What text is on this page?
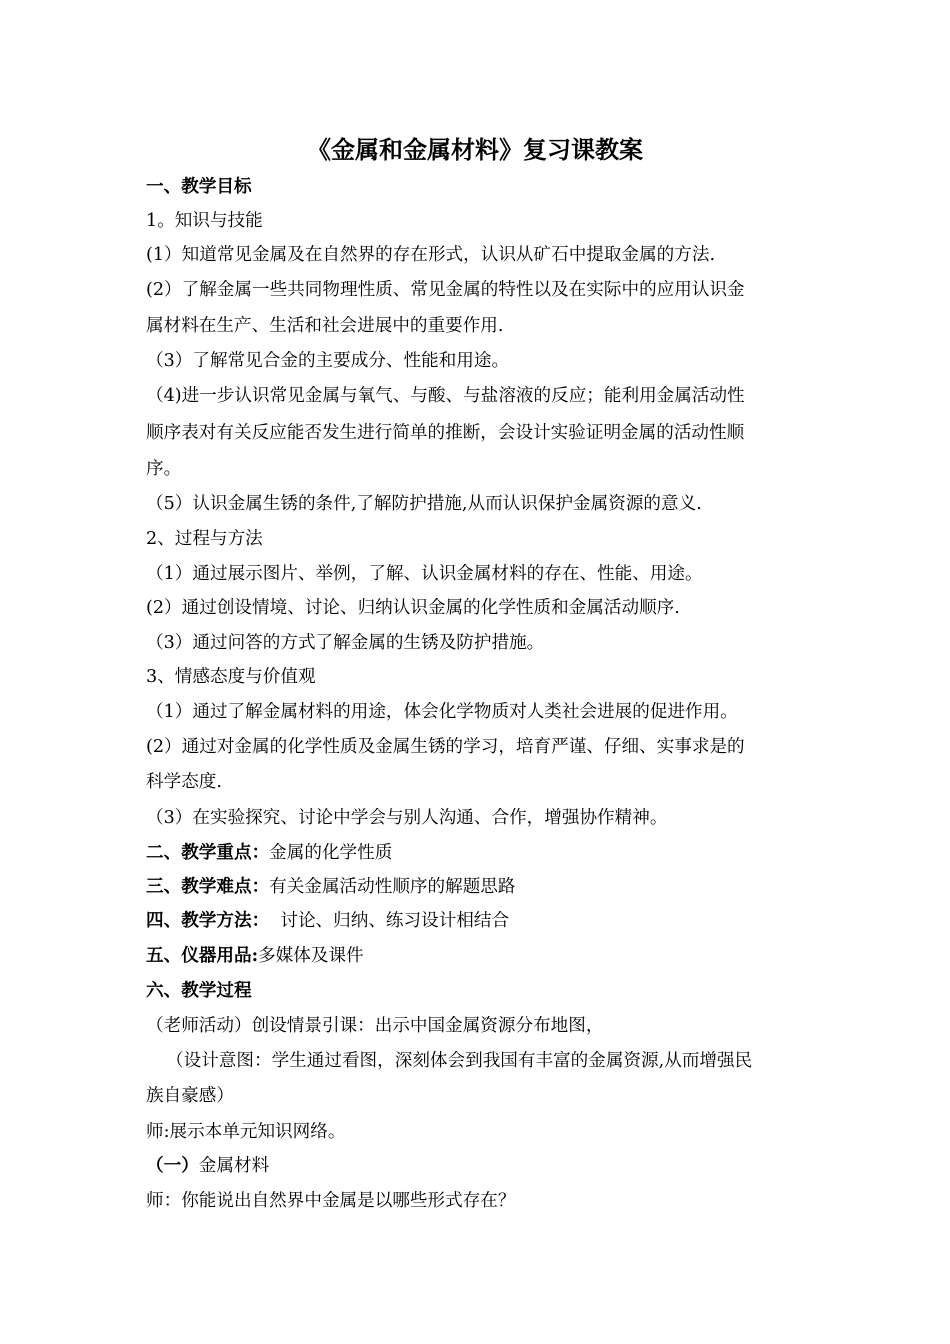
《金属和金属材料》复习课教案

一、教学目标

1。知识与技能

(1）知道常见金属及在自然界的存在形式，认识从矿石中提取金属的方法.

(2）了解金属一些共同物理性质、常见金属的特性以及在实际中的应用认识金

属材料在生产、生活和社会进展中的重要作用.

（3）了解常见合金的主要成分、性能和用途。

（4)进一步认识常见金属与氧气、与酸、与盐溶液的反应；能利用金属活动性

顺序表对有关反应能否发生进行简单的推断，会设计实验证明金属的活动性顺

序。

（5）认识金属生锈的条件,了解防护措施,从而认识保护金属资源的意义.

2、过程与方法

（1）通过展示图片、举例，了解、认识金属材料的存在、性能、用途。

(2）通过创设情境、讨论、归纳认识金属的化学性质和金属活动顺序.

（3）通过问答的方式了解金属的生锈及防护措施。

3、情感态度与价值观

（1）通过了解金属材料的用途，体会化学物质对人类社会进展的促进作用。

(2）通过对金属的化学性质及金属生锈的学习，培育严谨、仔细、实事求是的

科学态度.

（3）在实验探究、讨论中学会与别人沟通、合作，增强协作精神。

二、教学重点：金属的化学性质

三、教学难点：有关金属活动性顺序的解题思路

四、教学方法：  讨论、归纳、练习设计相结合

五、仪器用品:多媒体及课件

六、教学过程

（老师活动）创设情景引课：出示中国金属资源分布地图，

（设计意图：学生通过看图，深刻体会到我国有丰富的金属资源,从而增强民

族自豪感）

师:展示本单元知识网络。

（一）金属材料

师：你能说出自然界中金属是以哪些形式存在？
